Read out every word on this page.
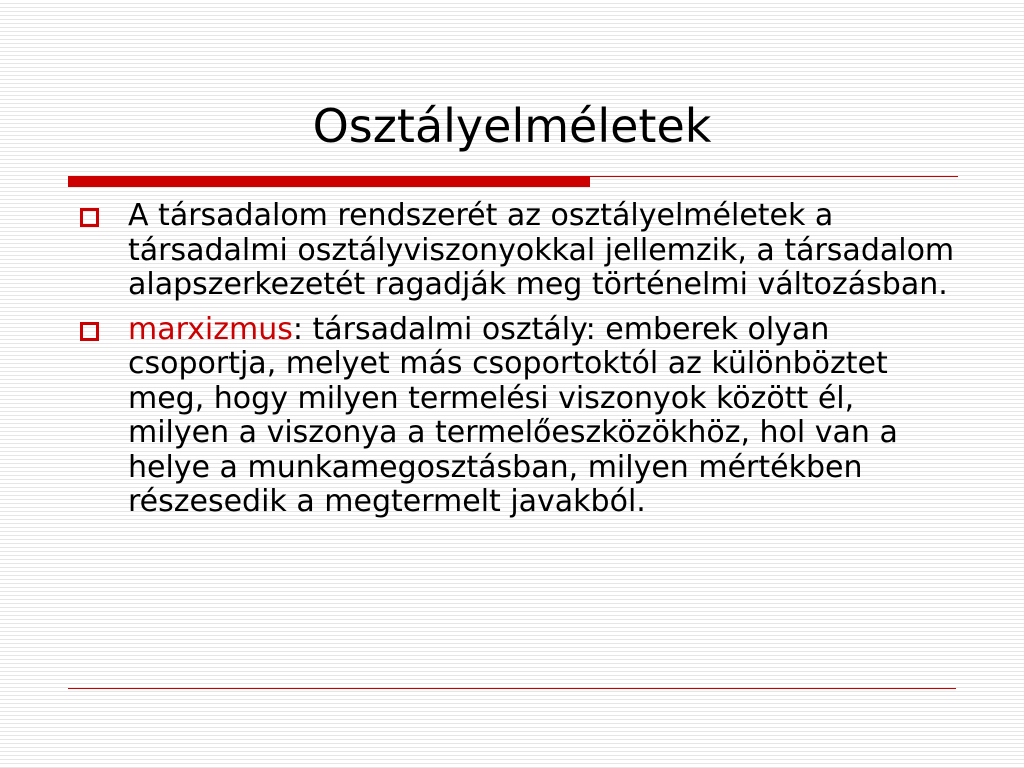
Osztályelméletek
A társadalom rendszerét az osztályelméletek a társadalmi osztályviszonyokkal jellemzik, a társadalom alapszerkezetét ragadják meg történelmi változásban.
marxizmus: társadalmi osztály: emberek olyan csoportja, melyet más csoportoktól az különböztet meg, hogy milyen termelési viszonyok között él, milyen a viszonya a termelőeszközökhöz, hol van a helye a munkamegosztásban, milyen mértékben részesedik a megtermelt javakból.
